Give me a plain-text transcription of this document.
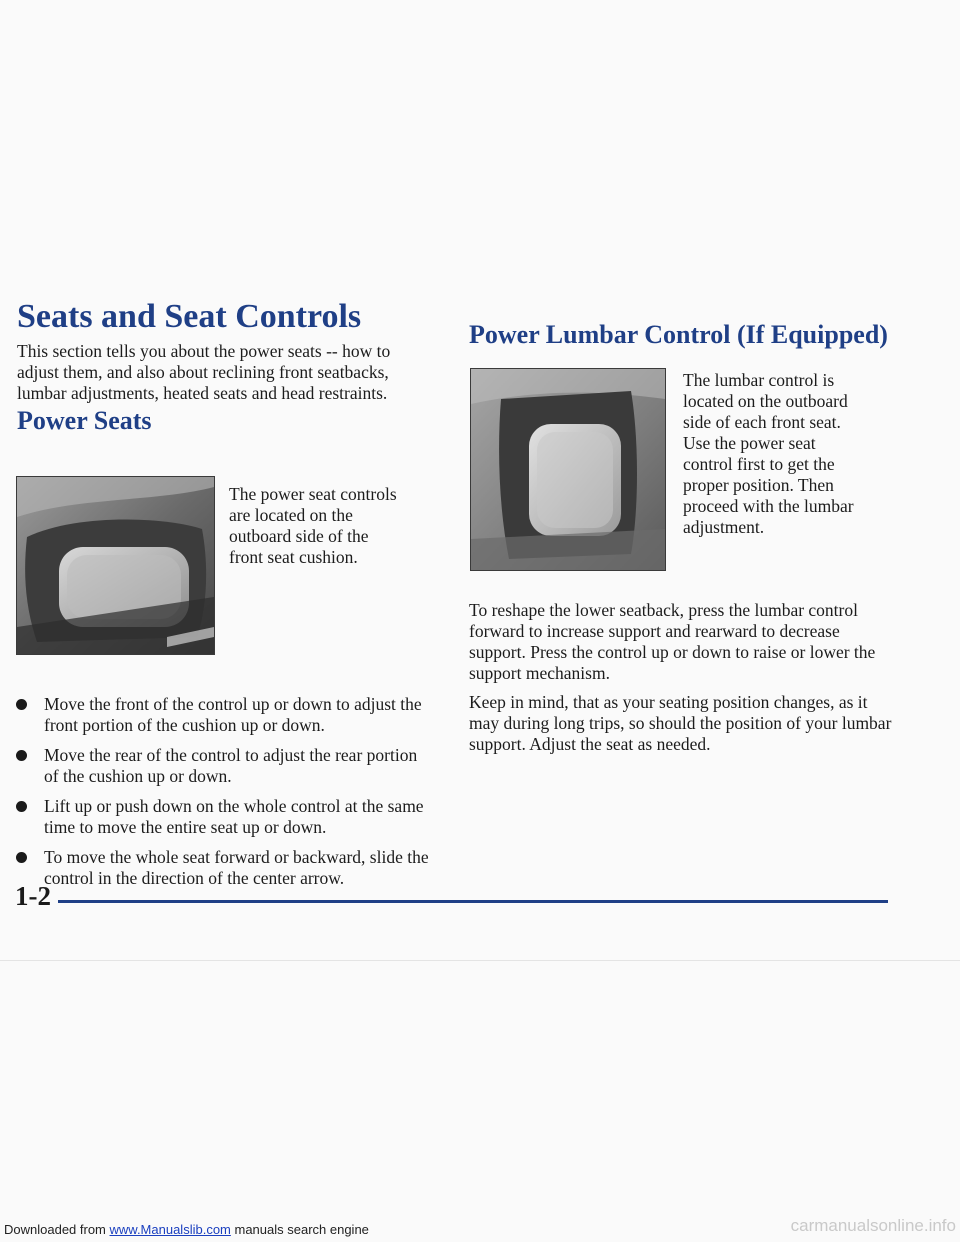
Seats and Seat Controls
This section tells you about the power seats -- how to adjust them, and also about reclining front seatbacks, lumbar adjustments, heated seats and head restraints.
Power Seats
The power seat controls are located on the outboard side of the front seat cushion.
Move the front of the control up or down to adjust the front portion of the cushion up or down.
Move the rear of the control to adjust the rear portion of the cushion up or down.
Lift up or push down on the whole control at the same time to move the entire seat up or down.
To move the whole seat forward or backward, slide the control in the direction of the center arrow.
Power Lumbar Control (If Equipped)
The lumbar control is located on the outboard side of each front seat. Use the power seat control first to get the proper position. Then proceed with the lumbar adjustment.
To reshape the lower seatback, press the lumbar control forward to increase support and rearward to decrease support. Press the control up or down to raise or lower the support mechanism.
Keep in mind, that as your seating position changes, as it may during long trips, so should the position of your lumbar support. Adjust the seat as needed.
1-2
Downloaded from www.Manualslib.com manuals search engine	carmanualsonline.info
